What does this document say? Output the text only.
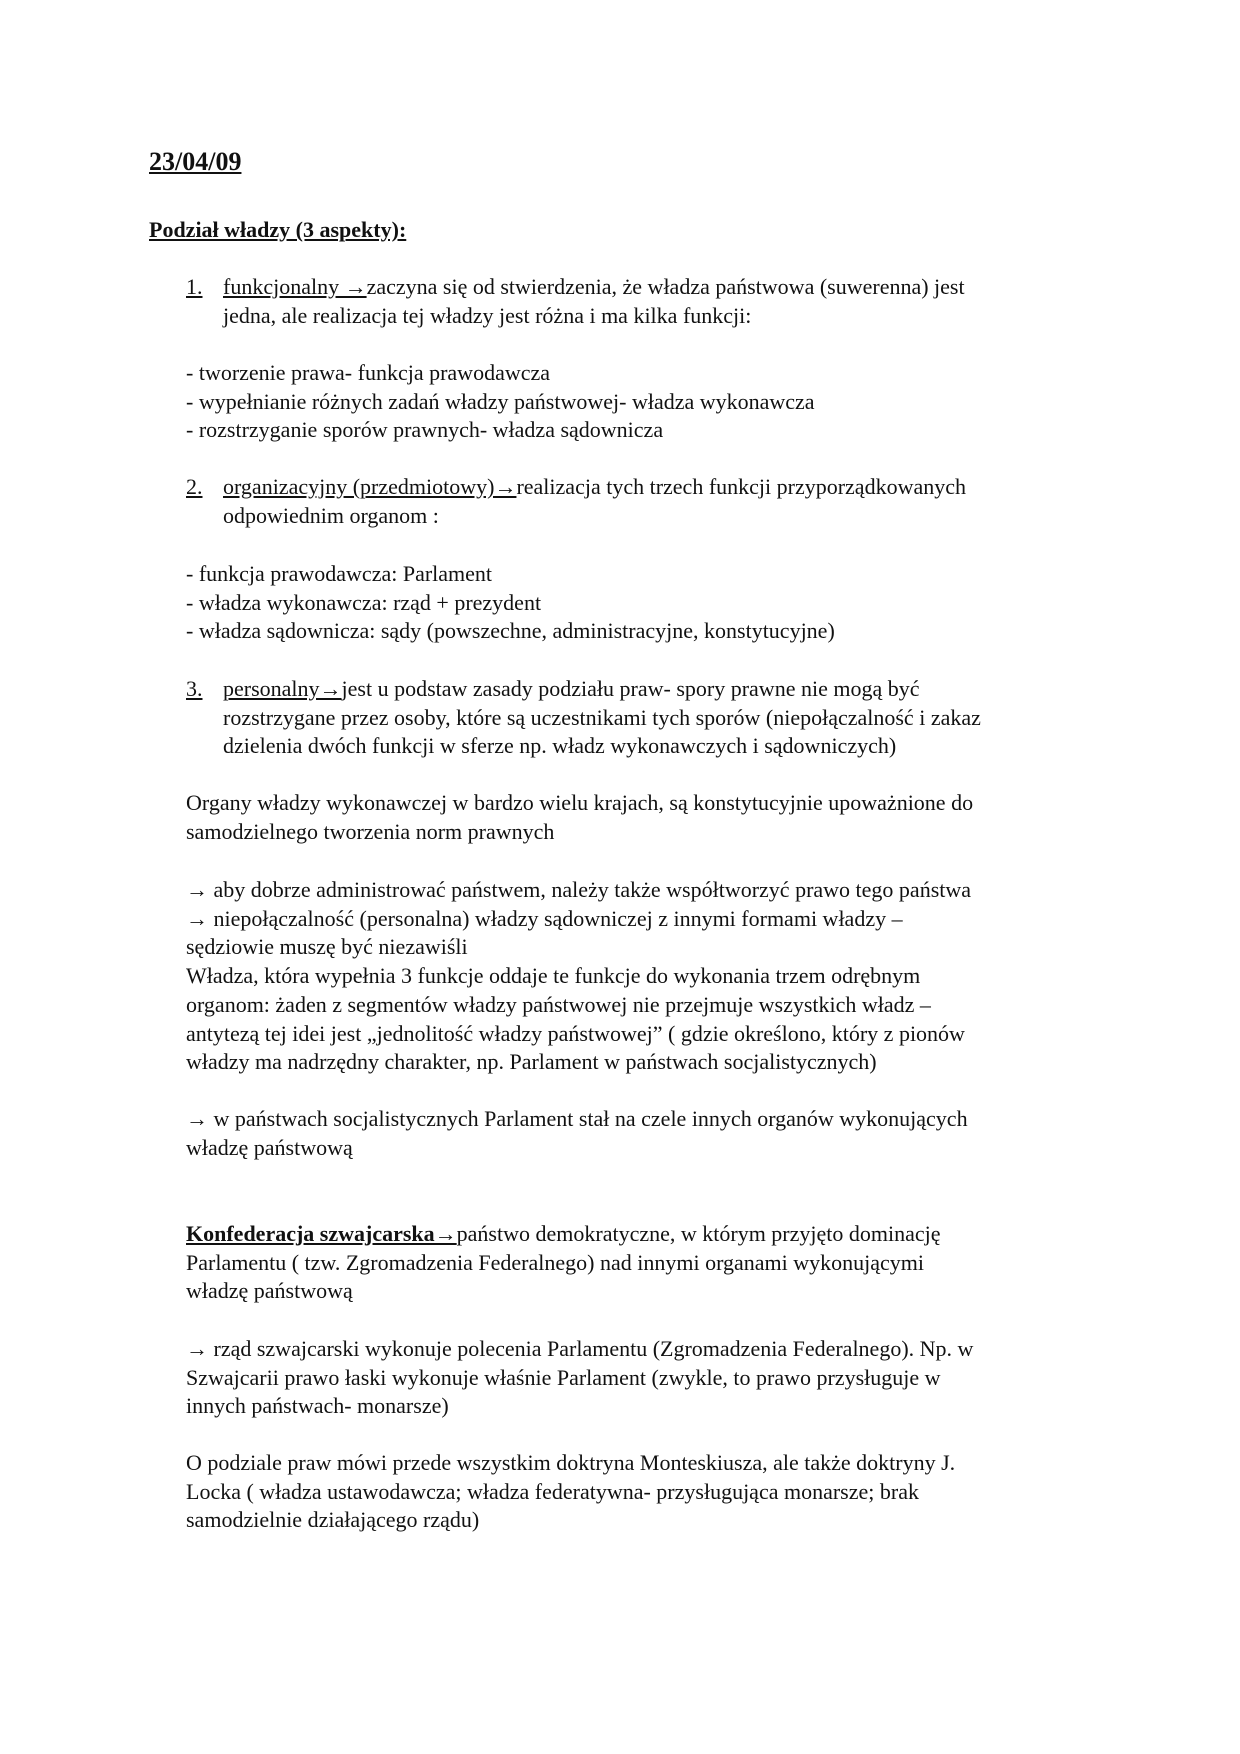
23/04/09
Podział władzy (3 aspekty):
1. funkcjonalny →zaczyna się od stwierdzenia, że władza państwowa (suwerenna) jest
jedna, ale realizacja tej władzy jest różna i ma kilka funkcji:
- tworzenie prawa- funkcja prawodawcza
- wypełnianie różnych zadań władzy państwowej- władza wykonawcza
- rozstrzyganie sporów prawnych- władza sądownicza
2. organizacyjny (przedmiotowy)→realizacja tych trzech funkcji przyporządkowanych
odpowiednim organom :
- funkcja prawodawcza: Parlament
- władza wykonawcza: rząd + prezydent
- władza sądownicza: sądy (powszechne, administracyjne, konstytucyjne)
3. personalny→jest u podstaw zasady podziału praw- spory prawne nie mogą być
rozstrzygane przez osoby, które są uczestnikami tych sporów (niepołączalność i zakaz
dzielenia dwóch funkcji w sferze np. władz wykonawczych i sądowniczych)
Organy władzy wykonawczej w bardzo wielu krajach, są konstytucyjnie upoważnione do
samodzielnego tworzenia norm prawnych
→ aby dobrze administrować państwem, należy także współtworzyć prawo tego państwa
→ niepołączalność (personalna) władzy sądowniczej z innymi formami władzy –
sędziowie muszę być niezawiśli
Władza, która wypełnia 3 funkcje oddaje te funkcje do wykonania trzem odrębnym
organom: żaden z segmentów władzy państwowej nie przejmuje wszystkich władz –
antytezą tej idei jest „jednolitość władzy państwowej” ( gdzie określono, który z pionów
władzy ma nadrzędny charakter, np. Parlament w państwach socjalistycznych)
→ w państwach socjalistycznych Parlament stał na czele innych organów wykonujących
władzę państwową
Konfederacja szwajcarska→państwo demokratyczne, w którym przyjęto dominację
Parlamentu ( tzw. Zgromadzenia Federalnego) nad innymi organami wykonującymi
władzę państwową
→ rząd szwajcarski wykonuje polecenia Parlamentu (Zgromadzenia Federalnego). Np. w
Szwajcarii prawo łaski wykonuje właśnie Parlament (zwykle, to prawo przysługuje w
innych państwach- monarsze)
O podziale praw mówi przede wszystkim doktryna Monteskiusza, ale także doktryny J.
Locka ( władza ustawodawcza; władza federatywna- przysługująca monarsze; brak
samodzielnie działającego rządu)
